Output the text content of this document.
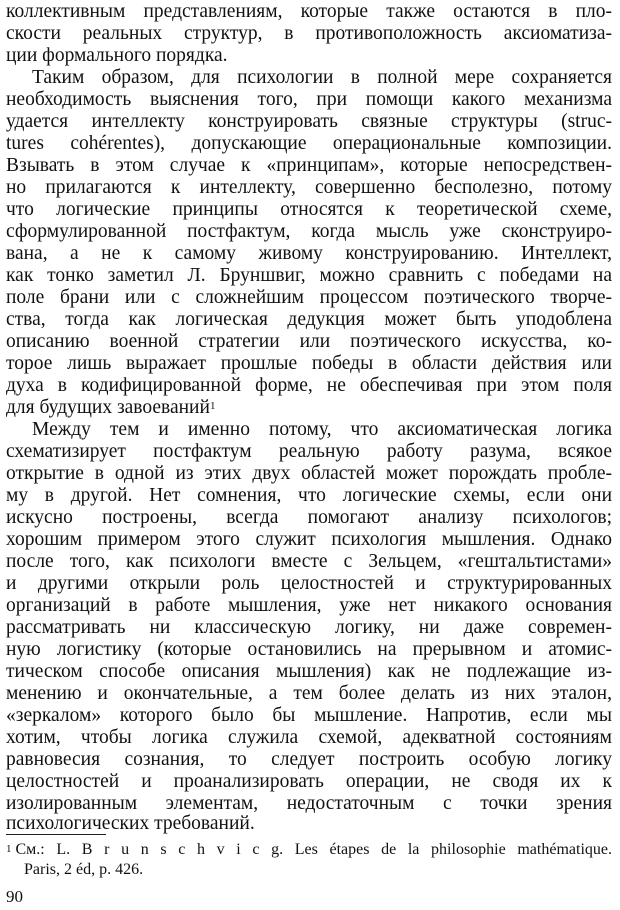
коллективным представлениям, которые также остаются в пло-
скости реальных структур, в противоположность аксиоматиза-
ции формального порядка.
Таким образом, для психологии в полной мере сохраняется
необходимость выяснения того, при помощи какого механизма
удается интеллекту конструировать связные структуры (struc-
tures cohérentes), допускающие операциональные композиции.
Взывать в этом случае к «принципам», которые непосредствен-
но прилагаются к интеллекту, совершенно бесполезно, потому
что логические принципы относятся к теоретической схеме,
сформулированной постфактум, когда мысль уже сконструиро-
вана, а не к самому живому конструированию. Интеллект,
как тонко заметил Л. Бруншвиг, можно сравнить с победами на
поле брани или с сложнейшим процессом поэтического творче-
ства, тогда как логическая дедукция может быть уподоблена
описанию военной стратегии или поэтического искусства, ко-
торое лишь выражает прошлые победы в области действия или
духа в кодифицированной форме, не обеспечивая при этом поля
для будущих завоеваний$^1$
Между тем и именно потому, что аксиоматическая логика
схематизирует постфактум реальную работу разума, всякое
открытие в одной из этих двух областей может порождать пробле-
му в другой. Нет сомнения, что логические схемы, если они
искусно построены, всегда помогают анализу психологов;
хорошим примером этого служит психология мышления. Однако
после того, как психологи вместе с Зельцем, «гештальтистами»
и другими открыли роль целостностей и структурированных
организаций в работе мышления, уже нет никакого основания
рассматривать ни классическую логику, ни даже современ-
ную логистику (которые остановились на прерывном и атомис-
тическом способе описания мышления) как не подлежащие из-
менению и окончательные, а тем более делать из них эталон,
«зеркалом» которого было бы мышление. Напротив, если мы
хотим, чтобы логика служила схемой, адекватной состояниям
равновесия сознания, то следует построить особую логику
целостностей и проанализировать операции, не сводя их к
изолированным элементам, недостаточным с точки зрения
психологических требований.
$^1$ См.: L. B r u n s c h v i c g. Les étapes de la philosophie mathématique.
Paris, 2 éd, p. 426.
90
